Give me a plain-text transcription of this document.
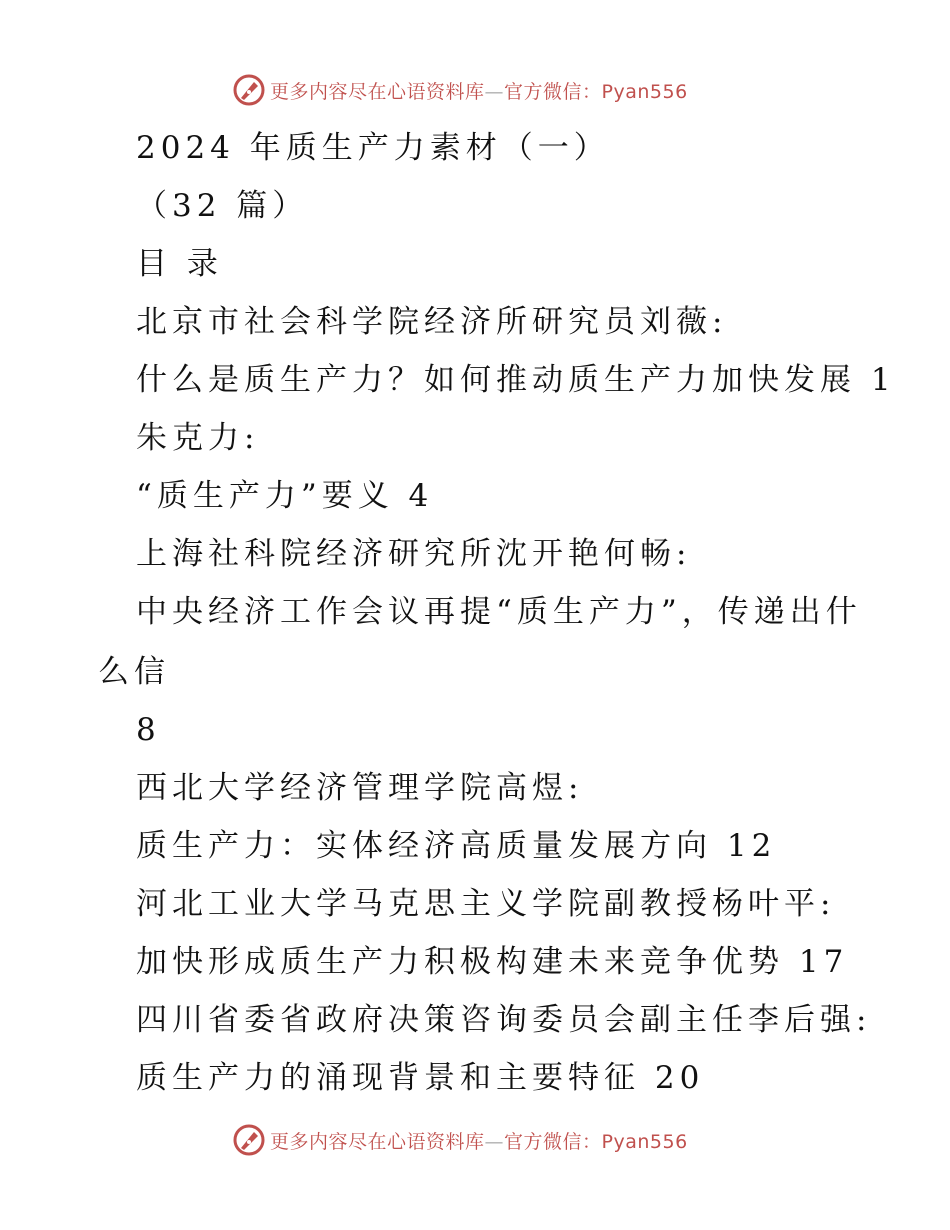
更多内容尽在心语资料库—官方微信：Pyan556
2024 年质生产力素材（一）
（32 篇）
目 录
北京市社会科学院经济所研究员刘薇:
什么是质生产力？如何推动质生产力加快发展 1
朱克力:
“质生产力”要义 4
上海社科院经济研究所沈开艳何畅:
中央经济工作会议再提“质生产力”，传递出什
么信
8
西北大学经济管理学院高煜:
质生产力：实体经济高质量发展方向 12
河北工业大学马克思主义学院副教授杨叶平:
加快形成质生产力积极构建未来竞争优势 17
四川省委省政府决策咨询委员会副主任李后强:
质生产力的涌现背景和主要特征 20
更多内容尽在心语资料库—官方微信：Pyan556
